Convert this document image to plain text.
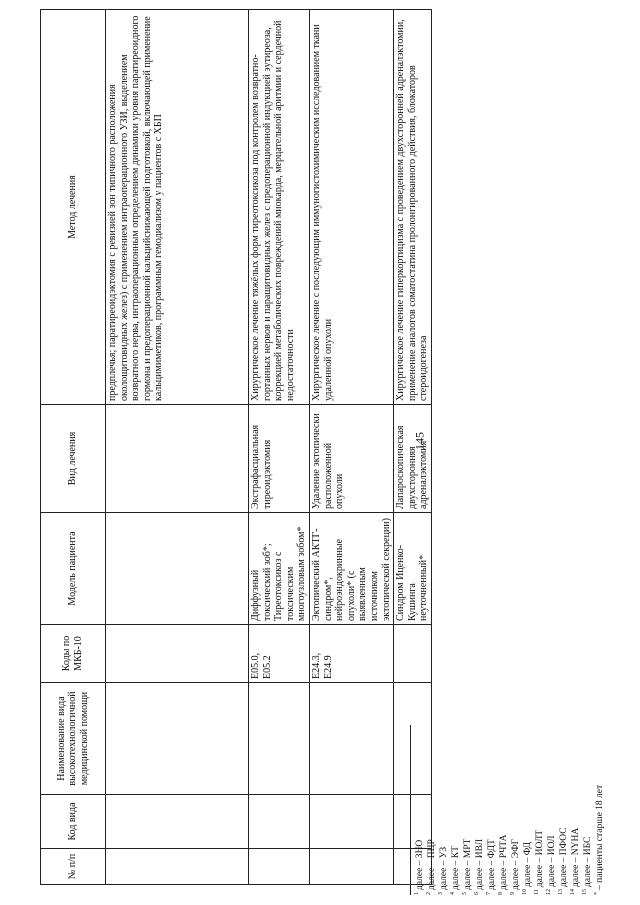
145
№ п/п	Код вида	Наименование вида высокотехнологичной медицинской помощи	Коды по МКБ-10	Модель пациента	Вид лечения	Метод лечения
						предплечья; паратиреоидэктомия с ревизией зон типичного расположения околощитовидных желез) с применением интраоперационного УЗИ, выделением возвратного нерва, интраоперационным определением динамики уровня паратиреоидного гормона и предоперационной кальцийснижающей подготовкой, включающей применение кальцимиметиков, программным гемодиализом у пациентов с ХБП
			E05.0, E05.2	Диффузный токсический зоб*; Тиреотоксикоз с токсическим многоузловым зобом*	Экстрафасциальная тиреоидэктомия	Хирургическое лечение тяжёлых форм тиреотоксикоза под контролем возвратно-гортанных нервов и паращитовидных желез с предоперационной индукцией эутиреоза, коррекцией метаболических повреждений миокарда, мерцательной аритмии и сердечной недостаточности
			E24.3, E24.9	Эктопический АКТГ-синдром*, нейроэндокринные опухоли* (с выявленным источником эктопической секреции)	Удаление эктопически расположенной опухоли	Хирургическое лечение с последующим иммуногистохимическим исследованием ткани удаленной опухоли
				Синдром Иценко-Кушинга неуточненный*	Лапароскопическая двухсторонняя адреналэктомия	Хирургическое лечение гиперкортицизма с проведением двухсторонней адреналэктомии, применение аналогов соматостатина пролонгированного действия, блокаторов стероидогенеза
$^1$далее – ЗНО
$^2$далее – ПЦР
$^3$далее – УЗ
$^4$далее – КТ
$^5$далее – МРТ
$^6$далее – ИВЛ
$^7$далее – ФДТ
$^8$далее – РЧТА
$^9$далее – ЭФГ
$^{10}$далее – ФД
$^{11}$далее – ИОЛТ
$^{12}$далее – ИОЛ
$^{13}$далее – ПФОС
$^{14}$далее – NYHA
$^{15}$далее – ИБС
*– пациенты старше 18 лет
